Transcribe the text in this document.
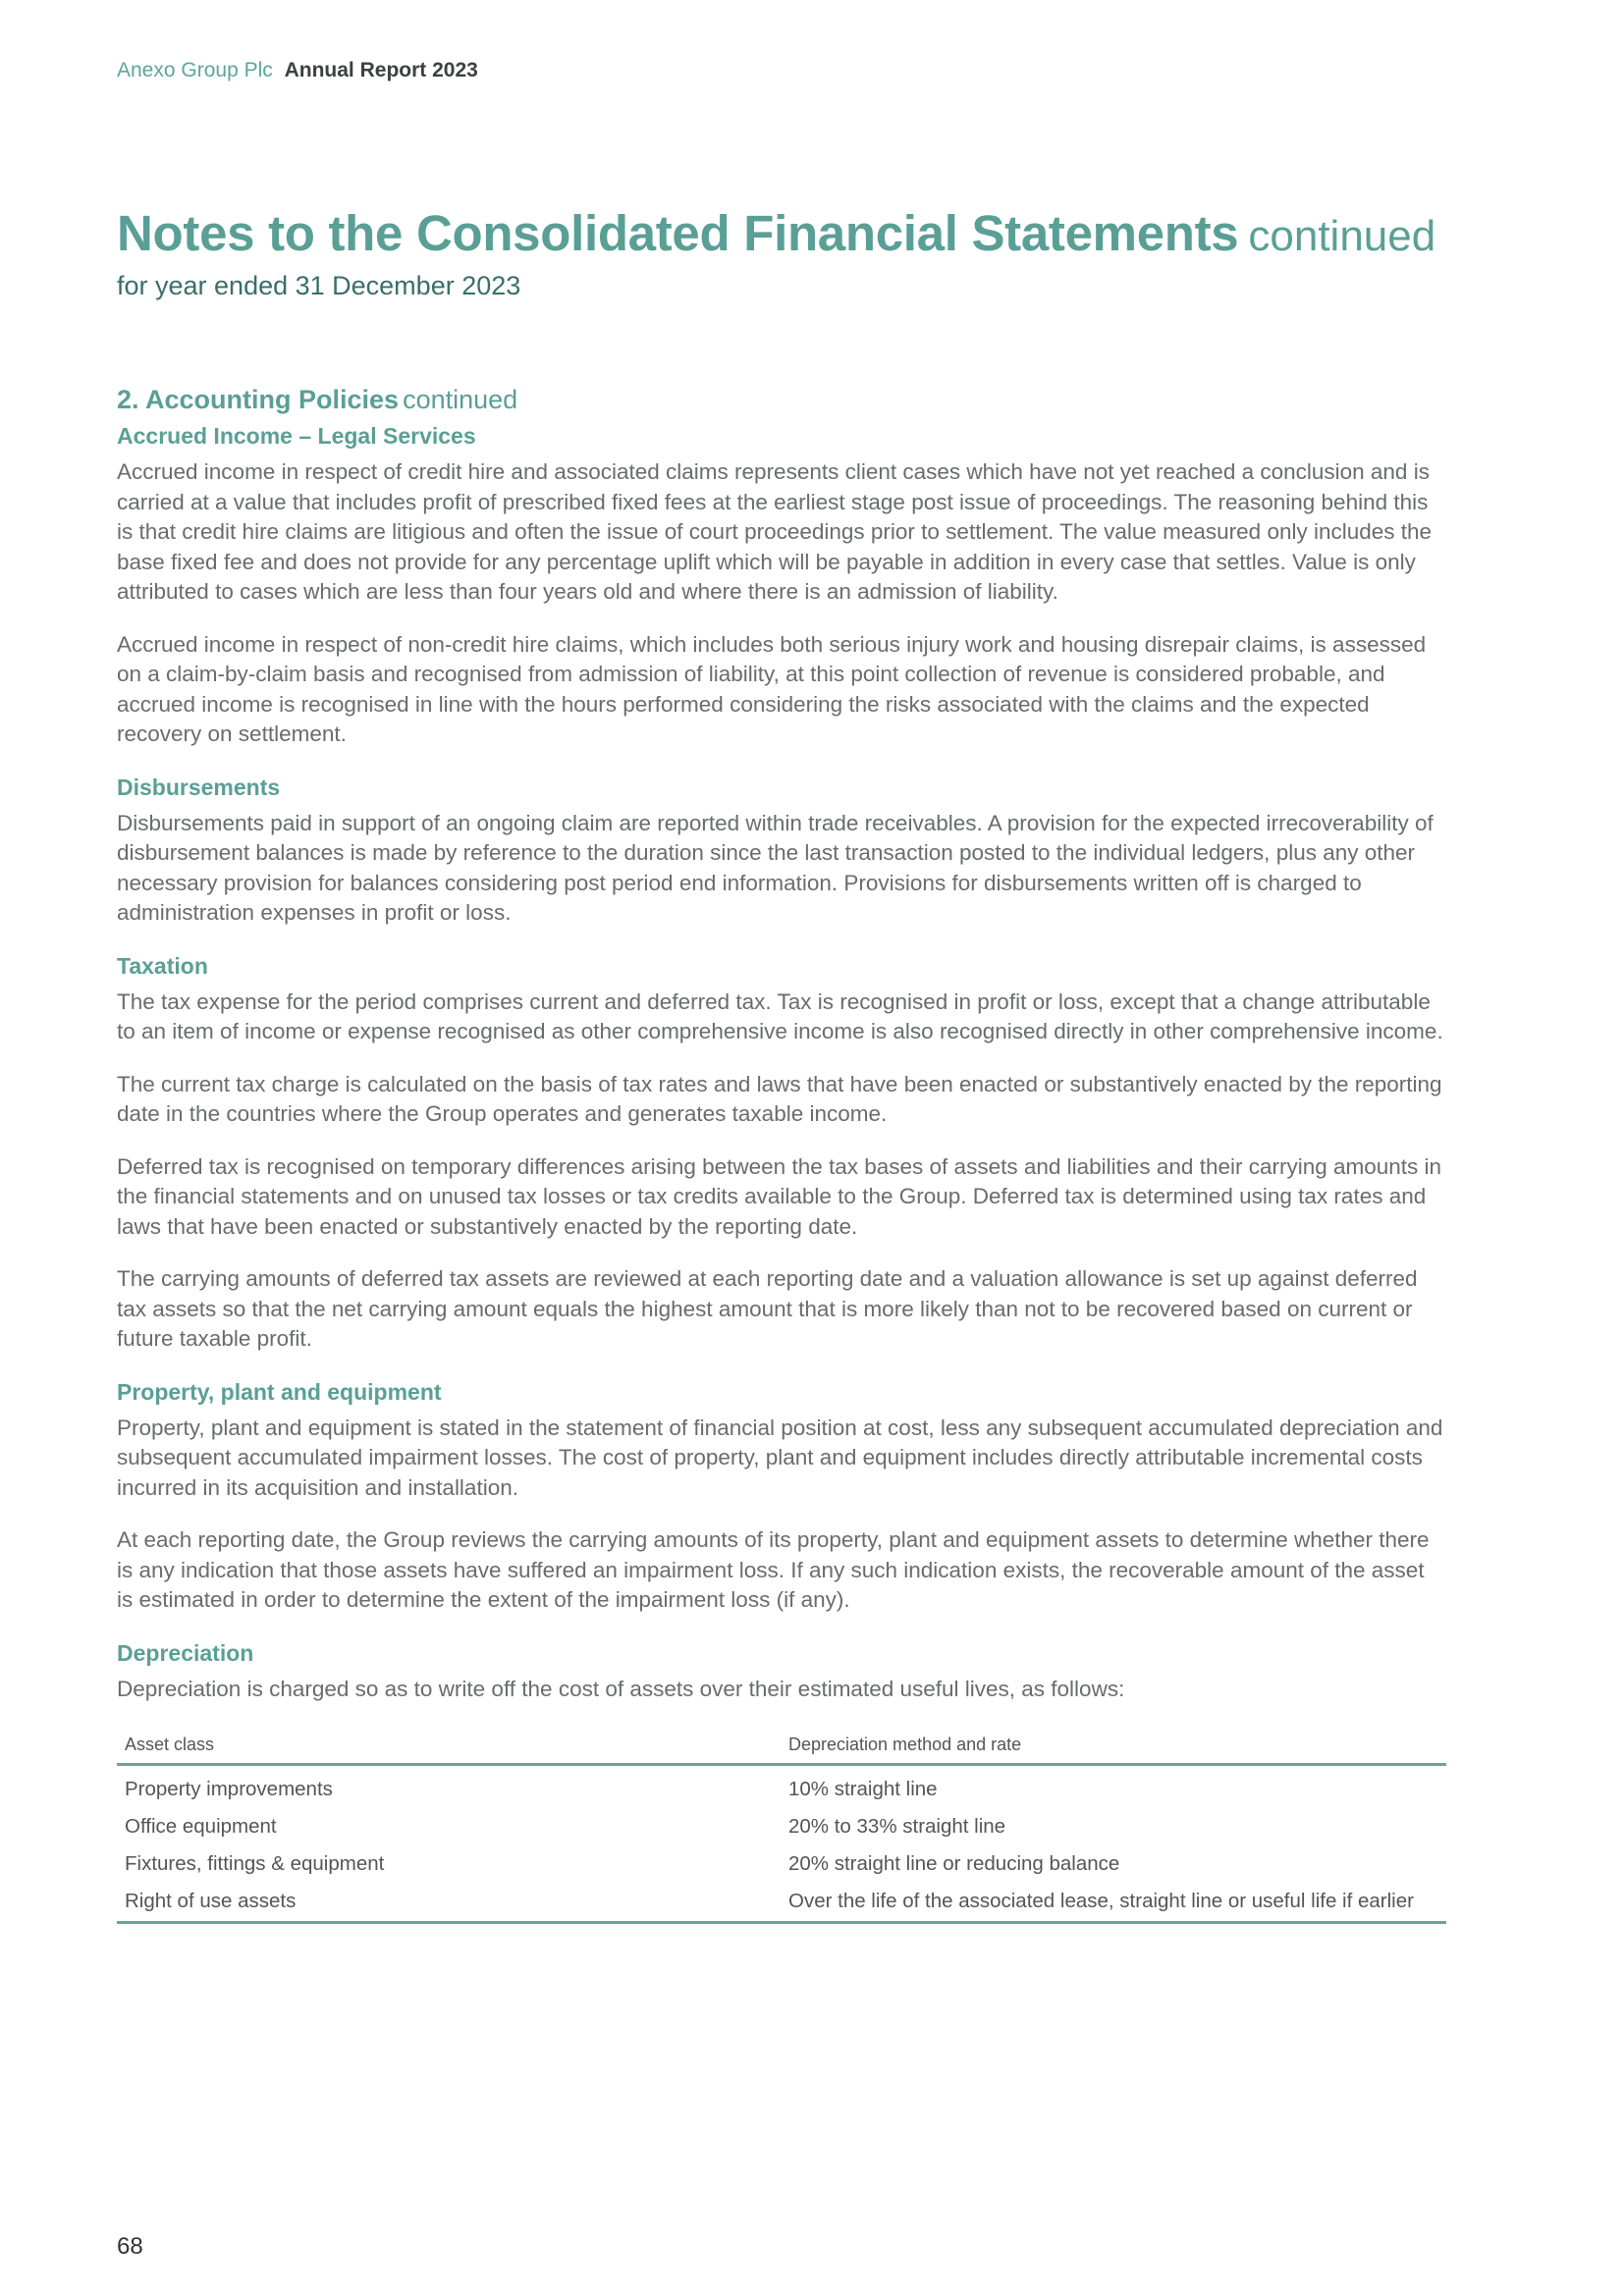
Anexo Group Plc Annual Report 2023
Notes to the Consolidated Financial Statements continued
for year ended 31 December 2023
2. Accounting Policies continued
Accrued Income – Legal Services

Accrued income in respect of credit hire and associated claims represents client cases which have not yet reached a conclusion and is carried at a value that includes profit of prescribed fixed fees at the earliest stage post issue of proceedings. The reasoning behind this is that credit hire claims are litigious and often the issue of court proceedings prior to settlement. The value measured only includes the base fixed fee and does not provide for any percentage uplift which will be payable in addition in every case that settles. Value is only attributed to cases which are less than four years old and where there is an admission of liability.

Accrued income in respect of non-credit hire claims, which includes both serious injury work and housing disrepair claims, is assessed on a claim-by-claim basis and recognised from admission of liability, at this point collection of revenue is considered probable, and accrued income is recognised in line with the hours performed considering the risks associated with the claims and the expected recovery on settlement.

Disbursements

Disbursements paid in support of an ongoing claim are reported within trade receivables. A provision for the expected irrecoverability of disbursement balances is made by reference to the duration since the last transaction posted to the individual ledgers, plus any other necessary provision for balances considering post period end information. Provisions for disbursements written off is charged to administration expenses in profit or loss.

Taxation

The tax expense for the period comprises current and deferred tax. Tax is recognised in profit or loss, except that a change attributable to an item of income or expense recognised as other comprehensive income is also recognised directly in other comprehensive income.

The current tax charge is calculated on the basis of tax rates and laws that have been enacted or substantively enacted by the reporting date in the countries where the Group operates and generates taxable income.

Deferred tax is recognised on temporary differences arising between the tax bases of assets and liabilities and their carrying amounts in the financial statements and on unused tax losses or tax credits available to the Group. Deferred tax is determined using tax rates and laws that have been enacted or substantively enacted by the reporting date.

The carrying amounts of deferred tax assets are reviewed at each reporting date and a valuation allowance is set up against deferred tax assets so that the net carrying amount equals the highest amount that is more likely than not to be recovered based on current or future taxable profit.

Property, plant and equipment

Property, plant and equipment is stated in the statement of financial position at cost, less any subsequent accumulated depreciation and subsequent accumulated impairment losses. The cost of property, plant and equipment includes directly attributable incremental costs incurred in its acquisition and installation.

At each reporting date, the Group reviews the carrying amounts of its property, plant and equipment assets to determine whether there is any indication that those assets have suffered an impairment loss. If any such indication exists, the recoverable amount of the asset is estimated in order to determine the extent of the impairment loss (if any).

Depreciation

Depreciation is charged so as to write off the cost of assets over their estimated useful lives, as follows:

Asset class	Depreciation method and rate
Property improvements	10% straight line
Office equipment	20% to 33% straight line
Fixtures, fittings & equipment	20% straight line or reducing balance
Right of use assets	Over the life of the associated lease, straight line or useful life if earlier
68
